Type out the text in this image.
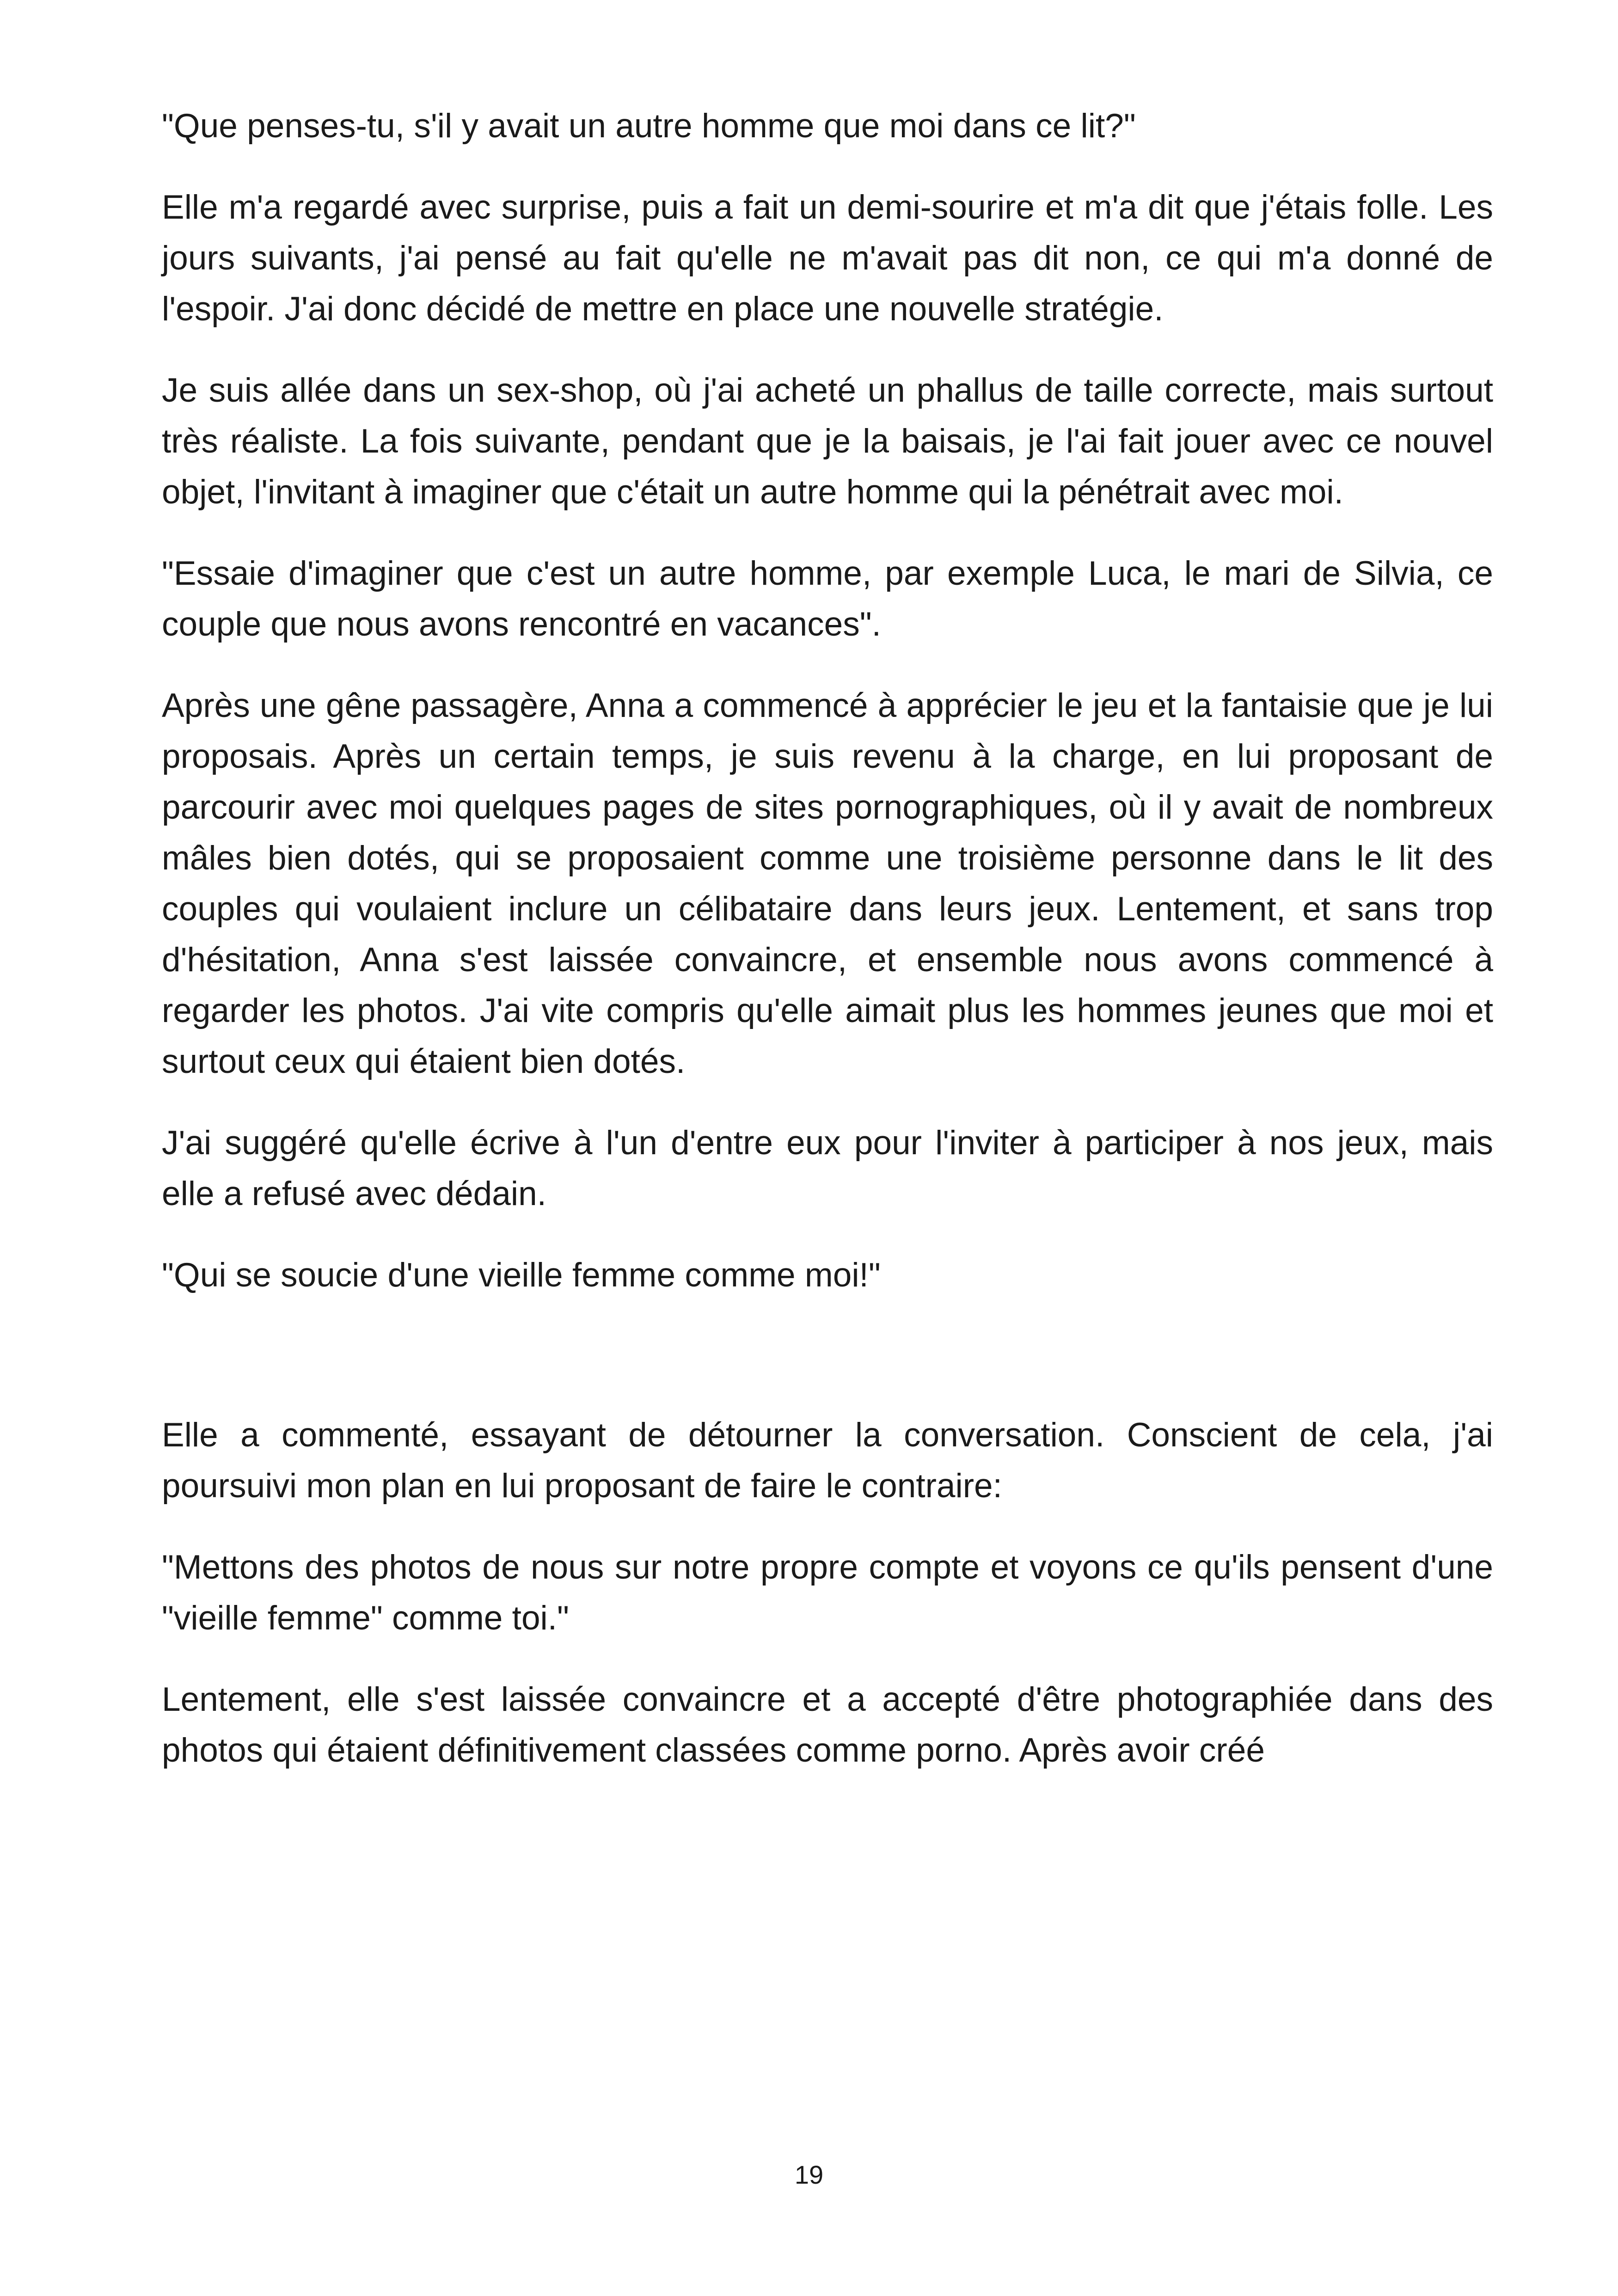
"Que penses-tu, s'il y avait un autre homme que moi dans ce lit?"

Elle m'a regardé avec surprise, puis a fait un demi-sourire et m'a dit que j'étais folle. Les jours suivants, j'ai pensé au fait qu'elle ne m'avait pas dit non, ce qui m'a donné de l'espoir. J'ai donc décidé de mettre en place une nouvelle stratégie.

Je suis allée dans un sex-shop, où j'ai acheté un phallus de taille correcte, mais surtout très réaliste. La fois suivante, pendant que je la baisais, je l'ai fait jouer avec ce nouvel objet, l'invitant à imaginer que c'était un autre homme qui la pénétrait avec moi.

"Essaie d'imaginer que c'est un autre homme, par exemple Luca, le mari de Silvia, ce couple que nous avons rencontré en vacances".

Après une gêne passagère, Anna a commencé à apprécier le jeu et la fantaisie que je lui proposais. Après un certain temps, je suis revenu à la charge, en lui proposant de parcourir avec moi quelques pages de sites pornographiques, où il y avait de nombreux mâles bien dotés, qui se proposaient comme une troisième personne dans le lit des couples qui voulaient inclure un célibataire dans leurs jeux. Lentement, et sans trop d'hésitation, Anna s'est laissée convaincre, et ensemble nous avons commencé à regarder les photos. J'ai vite compris qu'elle aimait plus les hommes jeunes que moi et surtout ceux qui étaient bien dotés.

J'ai suggéré qu'elle écrive à l'un d'entre eux pour l'inviter à participer à nos jeux, mais elle a refusé avec dédain.

"Qui se soucie d'une vieille femme comme moi!"

Elle a commenté, essayant de détourner la conversation. Conscient de cela, j'ai poursuivi mon plan en lui proposant de faire le contraire:

"Mettons des photos de nous sur notre propre compte et voyons ce qu'ils pensent d'une "vieille femme" comme toi."

Lentement, elle s'est laissée convaincre et a accepté d'être photographiée dans des photos qui étaient définitivement classées comme porno. Après avoir créé

19
